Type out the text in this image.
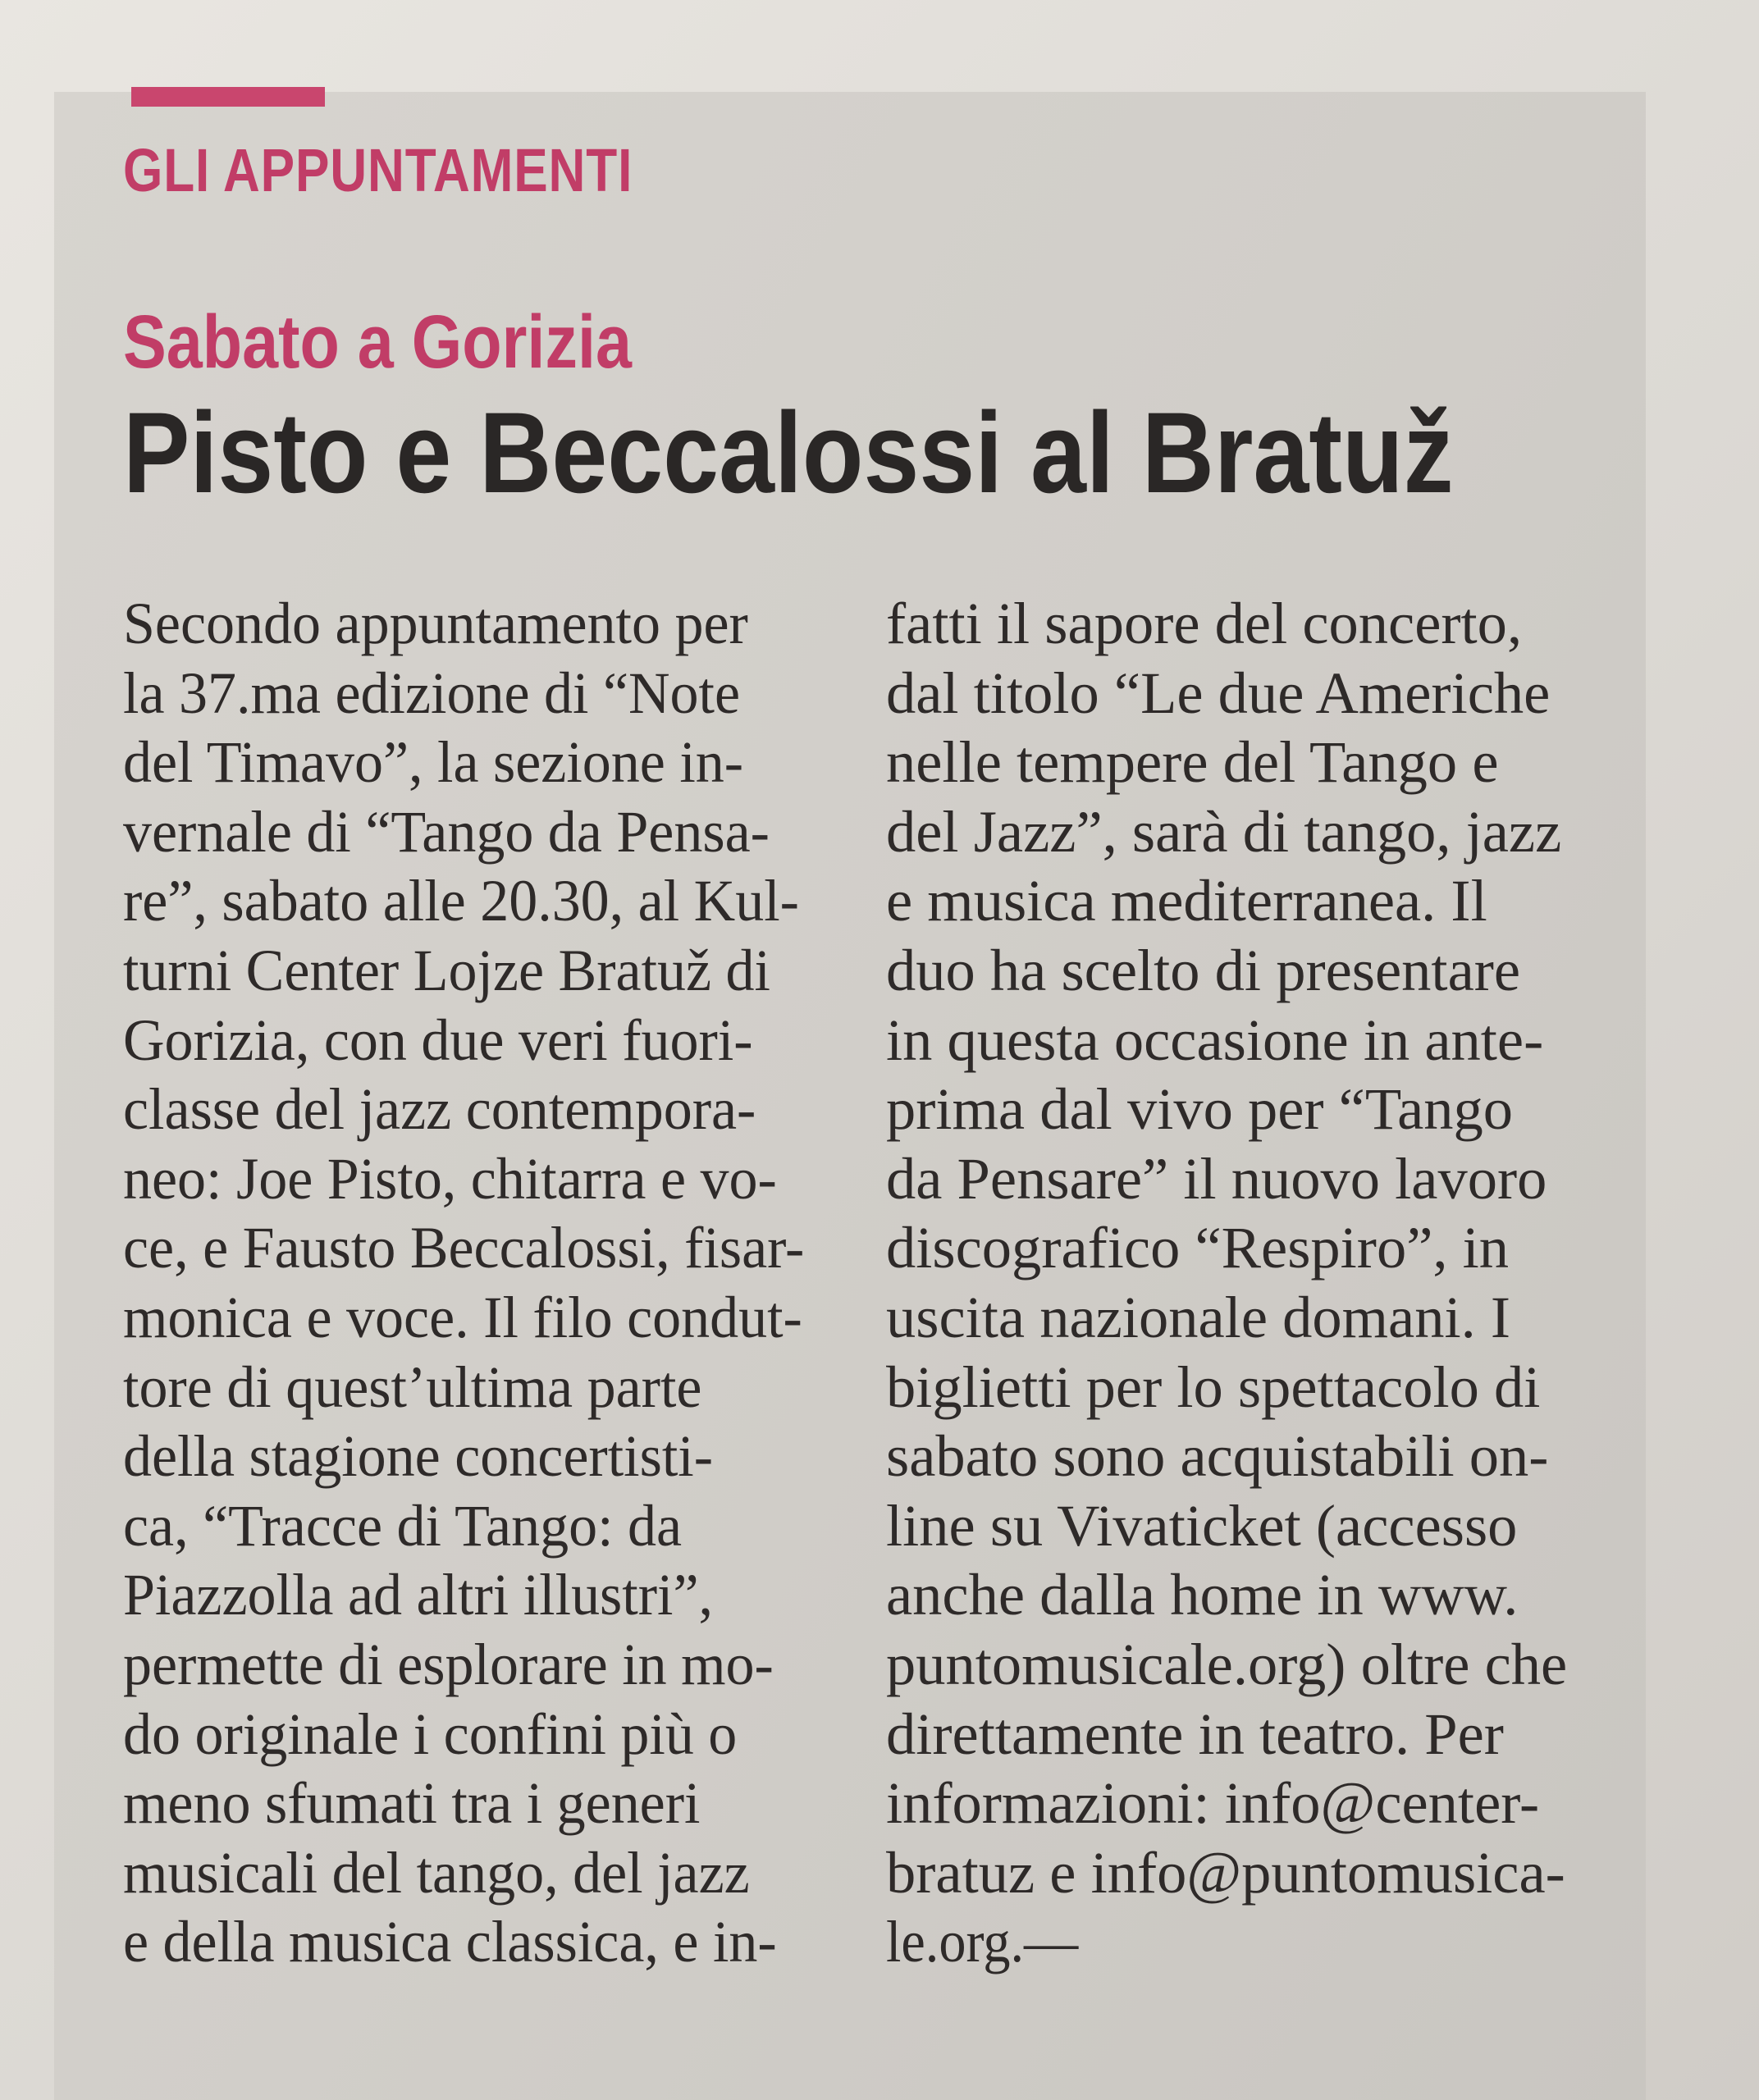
GLI APPUNTAMENTI
Sabato a Gorizia
Pisto e Beccalossi al Bratuž
Secondo appuntamento per
la 37.ma edizione di “Note
del Timavo”, la sezione in-
vernale di “Tango da Pensa-
re”, sabato alle 20.30, al Kul-
turni Center Lojze Bratuž di
Gorizia, con due veri fuori-
classe del jazz contempora-
neo: Joe Pisto, chitarra e vo-
ce, e Fausto Beccalossi, fisar-
monica e voce. Il filo condut-
tore di quest’ultima parte
della stagione concertisti-
ca, “Tracce di Tango: da
Piazzolla ad altri illustri”,
permette di esplorare in mo-
do originale i confini più o
meno sfumati tra i generi
musicali del tango, del jazz
e della musica classica, e in-
fatti il sapore del concerto,
dal titolo “Le due Americhe
nelle tempere del Tango e
del Jazz”, sarà di tango, jazz
e musica mediterranea. Il
duo ha scelto di presentare
in questa occasione in ante-
prima dal vivo per “Tango
da Pensare” il nuovo lavoro
discografico “Respiro”, in
uscita nazionale domani. I
biglietti per lo spettacolo di
sabato sono acquistabili on-
line su Vivaticket (accesso
anche dalla home in www.
puntomusicale.org) oltre che
direttamente in teatro. Per
informazioni: info@center-
bratuz e info@puntomusica-
le.org.—
